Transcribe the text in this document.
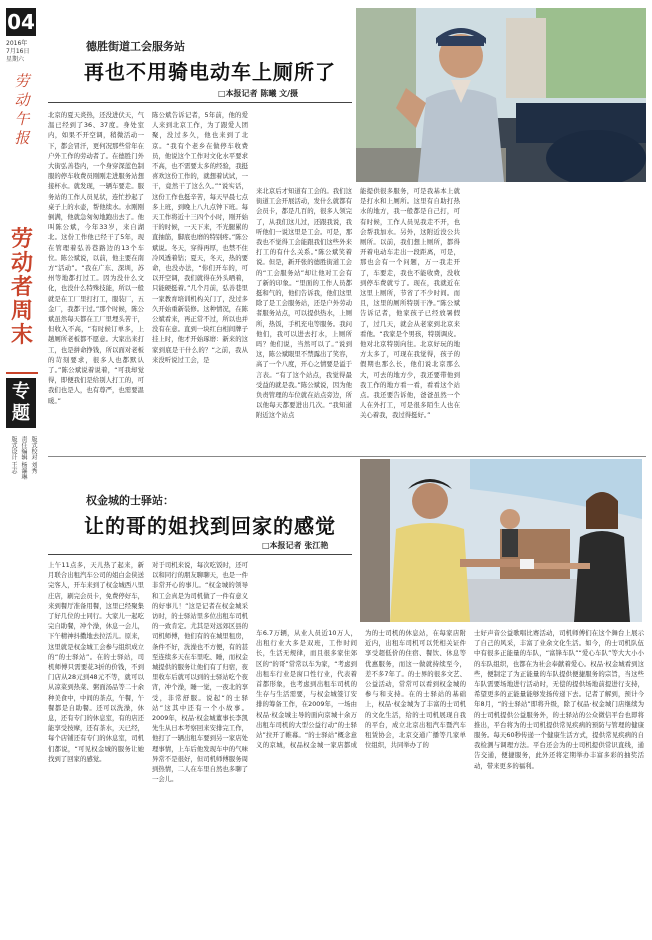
04
2016年
7月16日
星期六
劳
动
午
报
劳动者周末
专题
版式校对 刘秀
责任编辑 杨瀑琳
版式设计 王志
德胜街道工会服务站
再也不用骑电动车上厕所了
□本报记者 陈曦 文/摄
北京的夏天炎热，还没进伏天，气温已经到了36、37度。身处室内，如果不开空调，稍微活动一下，都会冒汗，更何况那些常年在户外工作的劳动者了。在德胜门外大街弘善巷内，一个身穿深蓝色制服的停车收费员刚刚走进服务站想接杯水。就发现，一辆车要走。服务站的工作人员见状，连忙抄起了桌子上的水壶，帮他续水。水刚刚倒满，他就急匆匆地跑出去了。他叫陈公斌，今年33岁，来自湖北。这份工作他已经干了5年，现在管理着弘善巷路边的13个车位。陈公斌说，以前，他主要在南方“活动”。“我在广东、深圳，苏州等地都打过工。因为没什么文化，也没什么特殊技能，所以一般就是在工厂里打打工，服装厂，五金厂，我都干过。”那个时候，陈公斌虽然每天都在工厂里埋头苦干，但收入不高，“有时候订单多，上趟厕所老板都不愿意。大家出来打工，也是拼命挣钱，所以面对老板的苛刻要求，很多人也都默认了。”陈公斌说着说着，“可我却觉得，即便我们是给别人打工的，可我们也是人，也有尊严，也需要温暖。”
陈公斌告诉记者，5年前，他的爱人来到北京工作，为了跟爱人团聚，没过多久，他也来到了北京。“我有个老乡在做停车收费员，他说这个工作对文化水平要求不高，也不需要太多的经验，我挺喜欢这份工作的，就想着试试，一干，竟然干了这么久。”“说实话，这份工作也挺辛苦，每天早晨七点多上班，到晚上八九点钟下班。每天工作将近十三四个小时，刚开始干的时候，一天下来，不光腿累的直抽筋，脚底也磨的特别疼。”陈公斌说。冬天，穿得再厚，也禁不住冷风透着钻；夏天，冬天，热的要命，也没办法，“你们开车的，可以开空调，我们就得在外头晒着，只能硬挺着。”几个月前，弘善巷里一家教育培训机构关门了，没过多久开始重新装修。这种情况，在陈公斌看来，再正常不过，所以也并没有在意。直到一块红白相间牌子挂上时，他才开始琢磨：新来的这家到底是干什么的？“之前，我从来没听说过工会，是
来北京后才知道有工会的。我们这街道工会开展活动，发什么就都有会员卡，都是几百的，很多人领完了，从我们这儿过，还跟我说，我听他们一说这里是工会。可是，那我也不觉得工会能跟我们这些外来打工的有什么关系。”陈公斌笑着说。但是，新开张的德胜街道工会的“工会服务站”却让他对工会有了新的印象。“里面的工作人员都挺和气的，他们告诉我，他们这里除了是工会服务站，还是户外劳动者服务站点，可以提供热水，上厕所，热饭，手机充电等服务。我问他们，我可以进去打水，上厕所吗？他们说，当然可以了。”说到这，陈公斌眼里不禁露出了笑容，高了一个八度，开心之情要是溢于言表。“有了这个站点，我觉得最受益的就是我。”陈公斌说，因为他负责管理的车位就在站点旁边，所以他每天都要进出几次。“我知道附近这个站点
能提供很多服务，可是我基本上就是打水和上厕所。这里有自助打热水的地方，我一般都是自己打，可有时候，工作人员见我走不开，也会帮我加水。另外，这附近没公共厕所。以前，我们想上厕所，都得开着电动车走出一段距离，可是，那也会有一个问题，万一我走开了，车要走，我也不能收费，没收到停车费就亏了。现在，我就近在这里上厕所，节省了不少时间。而且，这里的厕所特别干净。”陈公斌告诉记者，他家孩子已经放暑假了，过几天，就会从老家到北京来看他。“我家是个男孩，特别调皮。他对北京特别向往。北京好玩的地方太多了，可现在我觉得，孩子的假期也那么长，他们说北京那么大，可去的地方少，我还要带他到我工作的地方看一看，看看这个站点。我还要告诉他，爸爸虽然一个人在外打工，可是很多陌生人也在关心着我，我过得挺好。”
权金城的士驿站：
让的哥的姐找到回家的感觉
□本报记者 张江艳
上午11点多，天儿热了起来，新月联合出租汽车公司的姐白金侠送完客人，开车来到了权金城西八里庄店，刷完会员卡，免费停好车，来到餐厅准备用餐，这里已经聚集了好几位的士同行。大家儿一起吃完自助餐，冲个澡，休息一会儿，下午精神抖擞地去拉活儿。原来，这里就是权金城工会参与组织成立的“的士驿站”。在的士驿站，司机师傅只需要花3折的价钱，不到门店从28元到48元不等，就可以从凉菜到热菜、粥面汤品等二十余种美食中，中间的茶点，午餐，午餐都是自助餐。还可以洗澡，休息，还有专门的休息室，有的店还能享受按摩，还有茶水，天已经，每个店铺还有专门的休息室，司机们都说，“可见权金城的服务让她找到了回家的感觉。
对于司机来说，每次吃饭时，还可以和同行的朋友聊聊天，也是一件非常开心的事儿。“权金城的领导和工会真是为司机做了一件有意义的好事儿！”这是记者在权金城采访时，的士驿站里多位出租车司机的一致肯定。尤其是对远郊区县的司机师傅，他们有的在城里租房，条件不好，洗澡也不方便，有的甚至连续多天在车里吃、睡，而权金城提供的服务让他们有了归宿，夜里收车后就可以到的士驿站吃个夜宵，冲个澡，睡一觉，一夜北的享受，非常舒服。说起“的士驿站”这其中还有一个小故事。2009年，权品·权金城董事长李凯先生从日本考察回来安排完工作，他打了一辆出租车要到另一家店处理事情，上车后他发现车中的气味异常不是很好，但司机师傅服务周到热情，二人在车里自然也多聊了一会儿。
车6.7万辆，从业人员近10万人，出租行业大多是双班，工作时间长，生活无规律，而且很多家住郊区的“的哥”常常以车为家，“考虑到出租车行业是窗口性行业，代表着首都形象，也考虑到出租车司机的生存与生活需要，与权金城签订安排的筹备工作，在2009年，一场由权品·权金城主导的面向京城十余万出租车司机的大型公益行动“的士驿站”拉开了帷幕。“的士驿站”概念意义的京城，权品权金城一家店都成为的士司机的休息站，在每家店附近内，出租车司机可以凭相关证件享受超低价的住宿、餐饮、休息等优惠服务，而这一做就持续至今，差不多7年了。的士界的很多文艺、公益活动，常常可以看到权金城的参与和支持。在的士驿站的基础上，权品·权金城为了丰富的士司机的文化生活，给的士司机展现自我的平台，成立北京出租汽车暨汽车租赁协会，北京交通广播等几家单位组织，共同举办了的
士好声音公益歌唱比赛活动，司机师傅们在这个舞台上展示了自己的风采，丰富了业余文化生活。如今，的士司机队伍中有很多正能量的车队，“富锋车队”“爱心车队”等大大小小的车队组织，也都在为社会奉献着爱心。权品·权金城看到这些，便制定了为正能量的车队提供便捷服务的宗旨，当这些车队需要场地进行活动时，无偿的提供场地前提进行支持，希望更多的正能量能够发扬传递下去。记者了解到，预计今年8月，“的士驿站”即将升级，除了权品·权金城门店继续为的士司机提供公益服务外，的士驿站的公众微信平台也即将推出，平台将为的士司机提供常见疾病的预防与管理的健康服务。每天60秒传递一个健康生活方式，提供常见疾病的自我检测与调理方法。平台还会为的士司机提供常识直线，通告交通，便捷服务，此外还将定期举办丰富多彩的抽奖活动，带来更多的福利。
